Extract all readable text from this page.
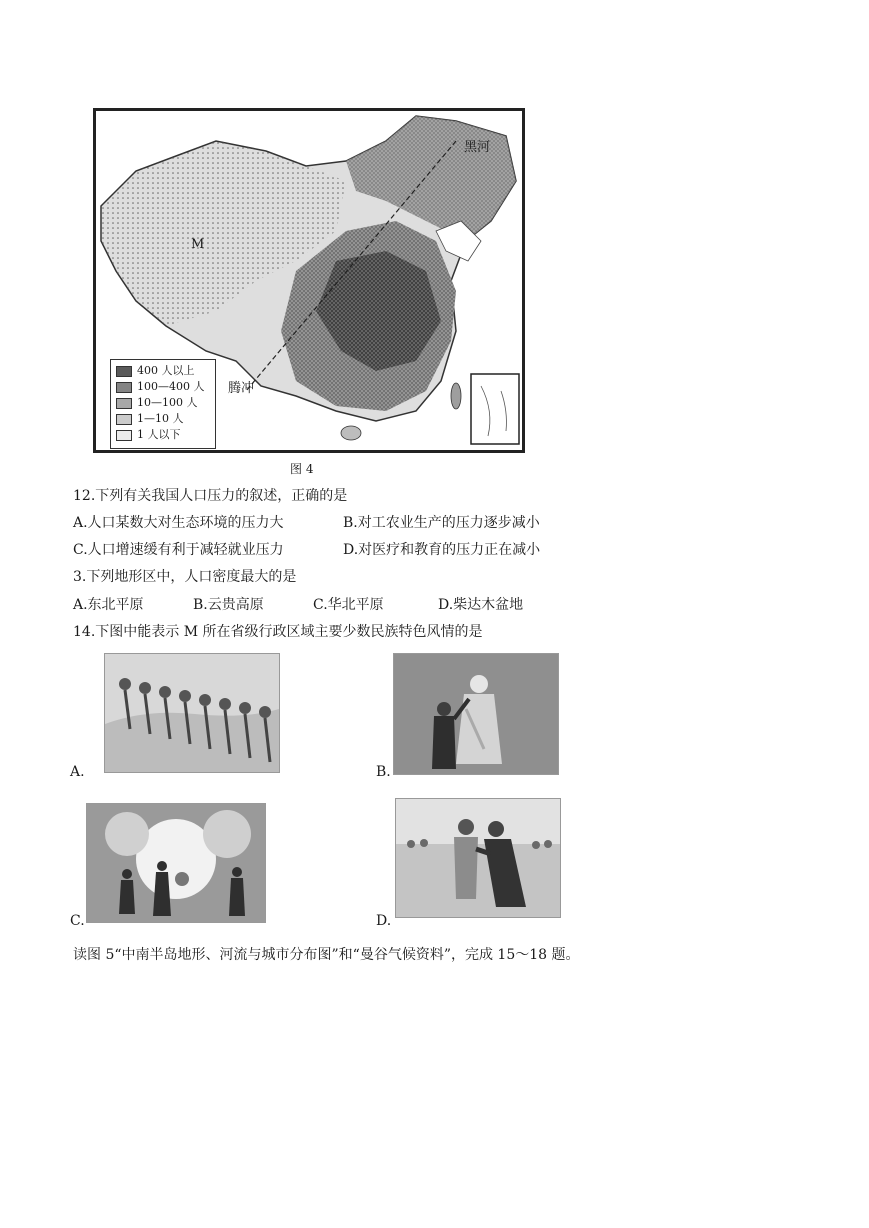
M
黑河
腾冲
400 人以上
100—400 人
10—100 人
1—10 人
1 人以下
图 4
12.下列有关我国人口压力的叙述，正确的是
A.人口某数大对生态环境的压力大	B.对工农业生产的压力逐步减小
C.人口增速缓有利于减轻就业压力	D.对医疗和教育的压力正在减小
3.下列地形区中，人口密度最大的是
A.东北平原	B.云贵高原	C.华北平原	D.柴达木盆地
14.下图中能表示 M 所在省级行政区域主要少数民族特色风情的是
A.	B.
C.	D.
读图 5“中南半岛地形、河流与城市分布图”和“曼谷气候资料”，完成 15～18 题。
